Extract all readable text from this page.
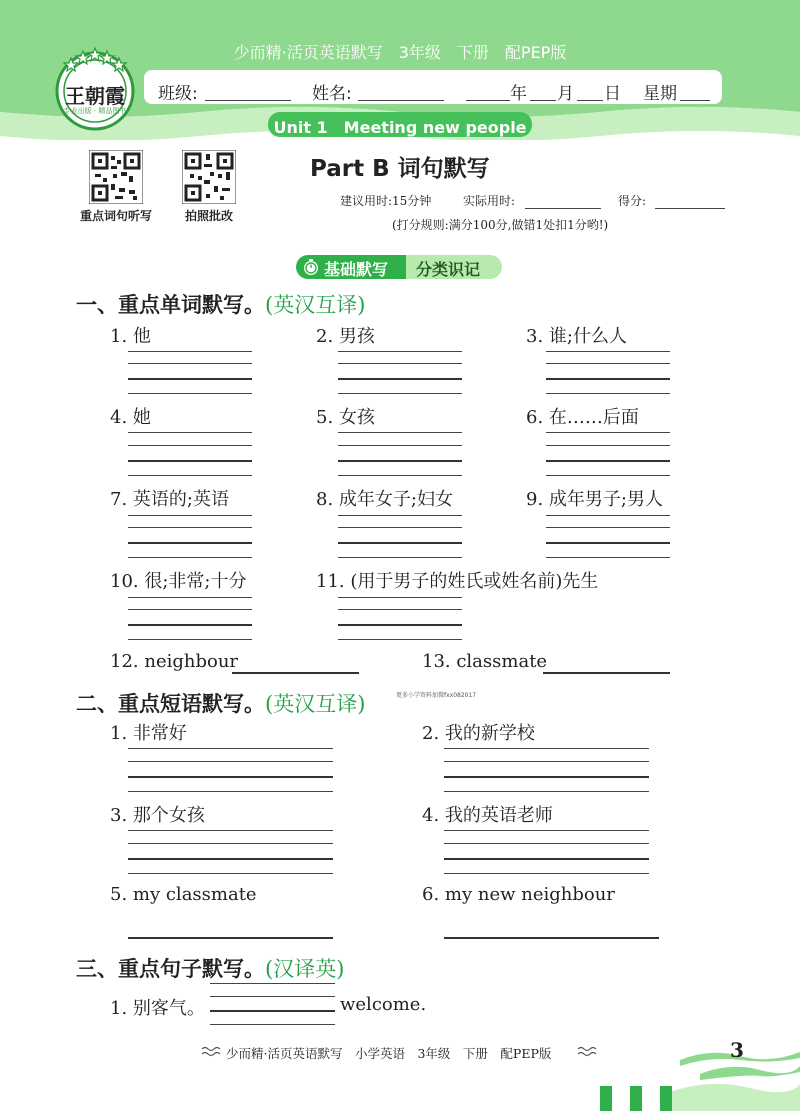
少而精·活页英语默写　3年级　下册　配PEP版
王朝霞
专业出版 · 精品图书
班级:	姓名:	年 月 日 星期
Unit 1　Meeting new people
重点词句听写	拍照批改
Part B 词句默写
建议用时:15分钟	实际用时:	得分:
(打分规则:满分100分,做错1处扣1分哟!)
基础默写 分类识记
一、重点单词默写。(英汉互译)
1. 他	2. 男孩	3. 谁;什么人
4. 她	5. 女孩	6. 在……后面
7. 英语的;英语	8. 成年女子;妇女	9. 成年男子;男人
10. 很;非常;十分	11. (用于男子的姓氏或姓名前)先生
12. neighbour	13. classmate
二、重点短语默写。(英汉互译)	更多小学资料加微fxx082017
1. 非常好	2. 我的新学校
3. 那个女孩	4. 我的英语老师
5. my classmate	6. my new neighbour
三、重点句子默写。(汉译英)
1. 别客气。	welcome.
少而精·活页英语默写　小学英语　3年级　下册　配PEP版	3
